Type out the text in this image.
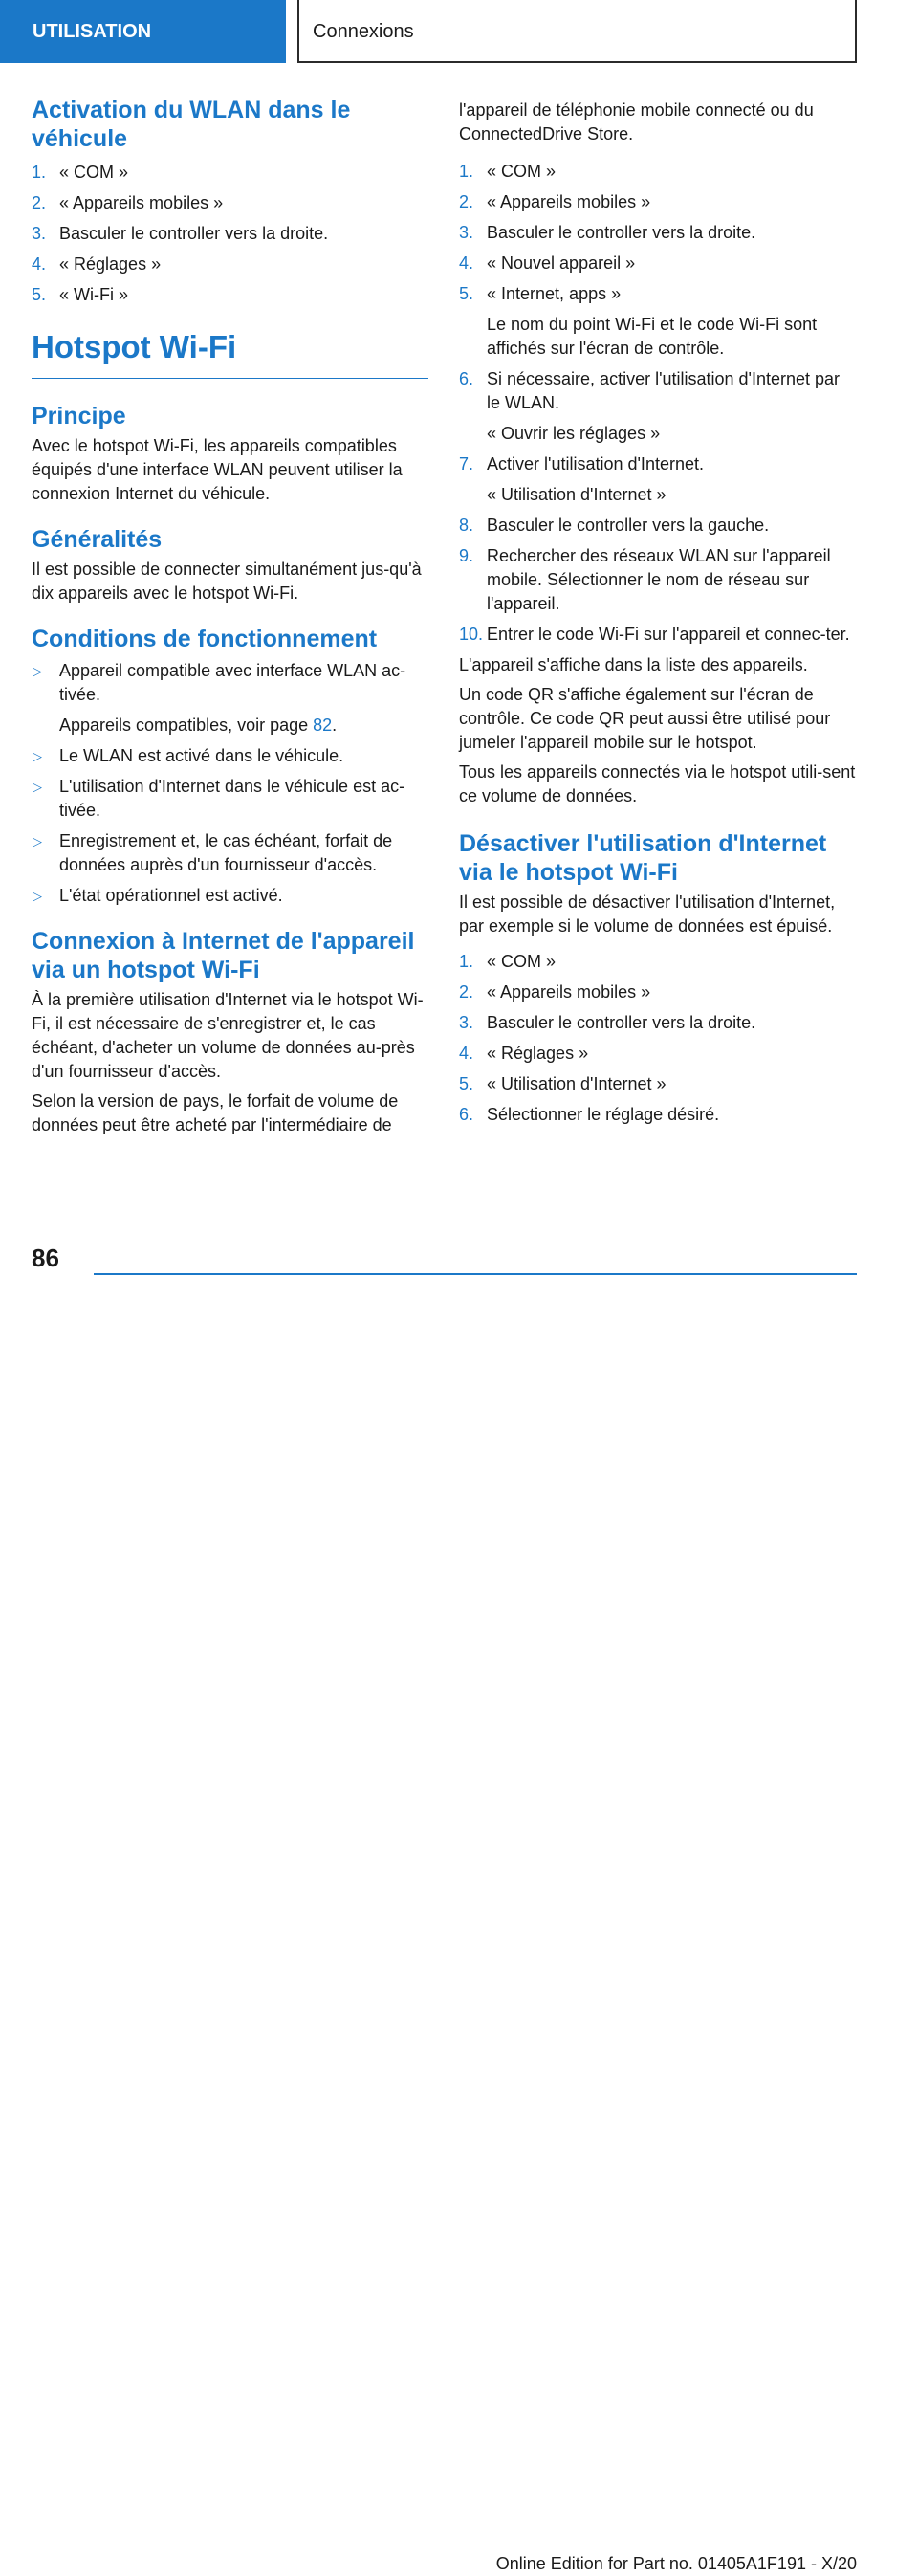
UTILISATION	Connexions
Activation du WLAN dans le véhicule
1. « COM »
2. « Appareils mobiles »
3. Basculer le controller vers la droite.
4. « Réglages »
5. « Wi-Fi »
Hotspot Wi-Fi
Principe

Avec le hotspot Wi-Fi, les appareils compatibles équipés d'une interface WLAN peuvent utiliser la connexion Internet du véhicule.

Généralités

Il est possible de connecter simultanément jus-qu'à dix appareils avec le hotspot Wi-Fi.

Conditions de fonctionnement
▷ Appareil compatible avec interface WLAN ac-tivée.
Appareils compatibles, voir page 82.
▷ Le WLAN est activé dans le véhicule.
▷ L'utilisation d'Internet dans le véhicule est ac-tivée.
▷ Enregistrement et, le cas échéant, forfait de données auprès d'un fournisseur d'accès.
▷ L'état opérationnel est activé.
Connexion à Internet de l'appareil via un hotspot Wi-Fi

À la première utilisation d'Internet via le hotspot Wi-Fi, il est nécessaire de s'enregistrer et, le cas échéant, d'acheter un volume de données au-près d'un fournisseur d'accès.

Selon la version de pays, le forfait de volume de données peut être acheté par l'intermédiaire de

l'appareil de téléphonie mobile connecté ou du ConnectedDrive Store.

1. « COM »
2. « Appareils mobiles »
3. Basculer le controller vers la droite.
4. « Nouvel appareil »
5. « Internet, apps »
Le nom du point Wi-Fi et le code Wi-Fi sont affichés sur l'écran de contrôle.
6. Si nécessaire, activer l'utilisation d'Internet par le WLAN.
« Ouvrir les réglages »
7. Activer l'utilisation d'Internet.
« Utilisation d'Internet »
8. Basculer le controller vers la gauche.
9. Rechercher des réseaux WLAN sur l'appareil mobile. Sélectionner le nom de réseau sur l'appareil.
10. Entrer le code Wi-Fi sur l'appareil et connec-ter.

L'appareil s'affiche dans la liste des appareils.

Un code QR s'affiche également sur l'écran de contrôle. Ce code QR peut aussi être utilisé pour jumeler l'appareil mobile sur le hotspot.

Tous les appareils connectés via le hotspot utili-sent ce volume de données.

Désactiver l'utilisation d'Internet via le hotspot Wi-Fi

Il est possible de désactiver l'utilisation d'Internet, par exemple si le volume de données est épuisé.

1. « COM »
2. « Appareils mobiles »
3. Basculer le controller vers la droite.
4. « Réglages »
5. « Utilisation d'Internet »
6. Sélectionner le réglage désiré.
86
Online Edition for Part no. 01405A1F191 - X/20
